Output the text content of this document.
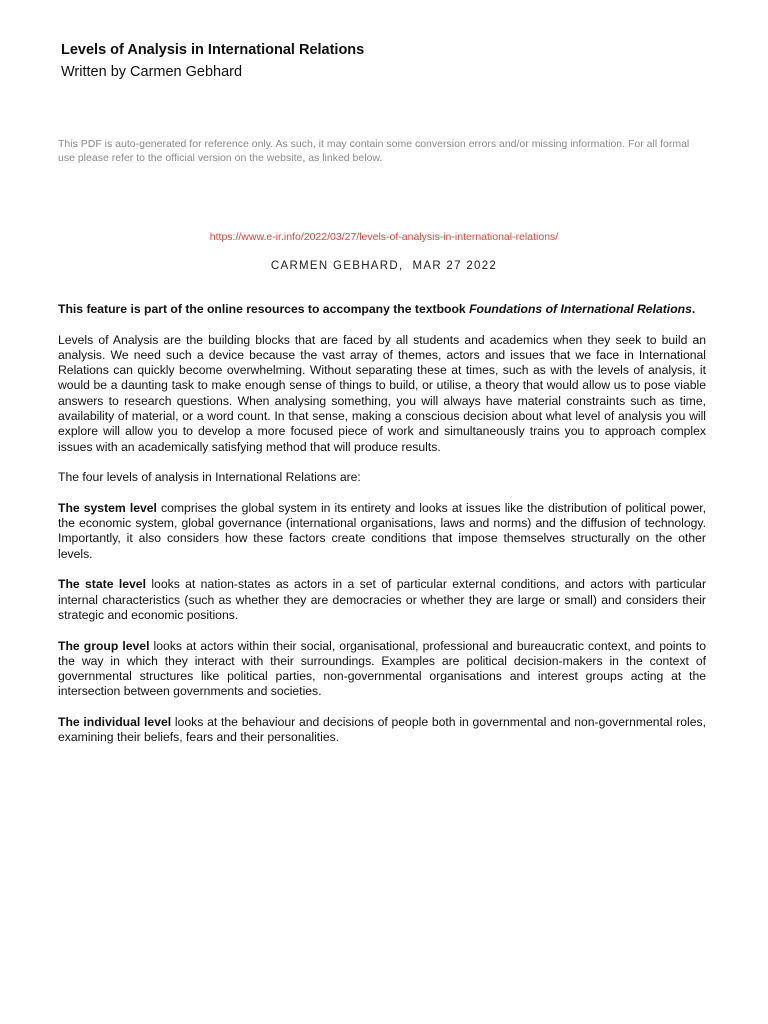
Levels of Analysis in International Relations
Written by Carmen Gebhard

This PDF is auto-generated for reference only. As such, it may contain some conversion errors and/or missing information. For all formal use please refer to the official version on the website, as linked below.

https://www.e-ir.info/2022/03/27/levels-of-analysis-in-international-relations/
CARMEN GEBHARD, MAR 27 2022

This feature is part of the online resources to accompany the textbook Foundations of International Relations.

Levels of Analysis are the building blocks that are faced by all students and academics when they seek to build an analysis. We need such a device because the vast array of themes, actors and issues that we face in International Relations can quickly become overwhelming. Without separating these at times, such as with the levels of analysis, it would be a daunting task to make enough sense of things to build, or utilise, a theory that would allow us to pose viable answers to research questions. When analysing something, you will always have material constraints such as time, availability of material, or a word count. In that sense, making a conscious decision about what level of analysis you will explore will allow you to develop a more focused piece of work and simultaneously trains you to approach complex issues with an academically satisfying method that will produce results.

The four levels of analysis in International Relations are:

The system level comprises the global system in its entirety and looks at issues like the distribution of political power, the economic system, global governance (international organisations, laws and norms) and the diffusion of technology. Importantly, it also considers how these factors create conditions that impose themselves structurally on the other levels.

The state level looks at nation-states as actors in a set of particular external conditions, and actors with particular internal characteristics (such as whether they are democracies or whether they are large or small) and considers their strategic and economic positions.

The group level looks at actors within their social, organisational, professional and bureaucratic context, and points to the way in which they interact with their surroundings. Examples are political decision-makers in the context of governmental structures like political parties, non-governmental organisations and interest groups acting at the intersection between governments and societies.

The individual level looks at the behaviour and decisions of people both in governmental and non-governmental roles, examining their beliefs, fears and their personalities.
